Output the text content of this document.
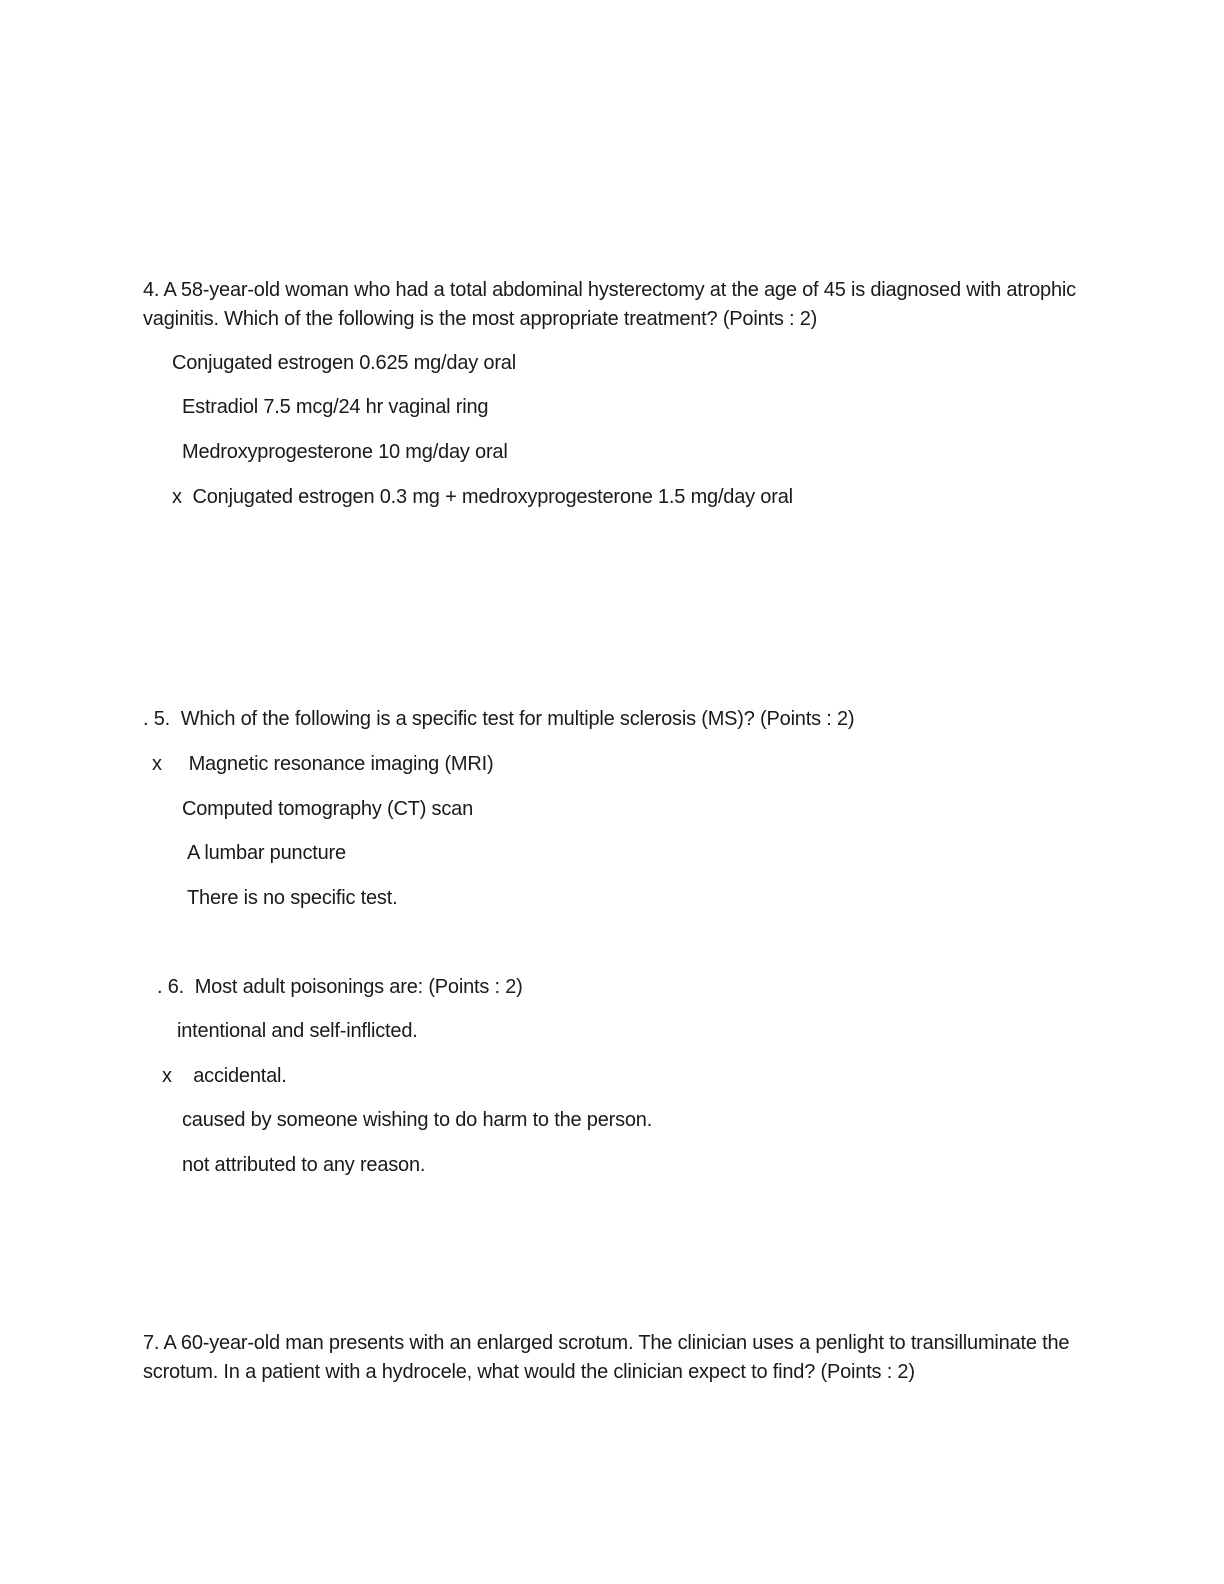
4. A 58-year-old woman who had a total abdominal hysterectomy at the age of 45 is diagnosed with atrophic vaginitis. Which of the following is the most appropriate treatment? (Points : 2)
Conjugated estrogen 0.625 mg/day oral
Estradiol 7.5 mcg/24 hr vaginal ring
Medroxyprogesterone 10 mg/day oral
x  Conjugated estrogen 0.3 mg + medroxyprogesterone 1.5 mg/day oral
. 5.  Which of the following is a specific test for multiple sclerosis (MS)? (Points : 2)
x     Magnetic resonance imaging (MRI)
Computed tomography (CT) scan
A lumbar puncture
There is no specific test.
. 6.  Most adult poisonings are: (Points : 2)
intentional and self-inflicted.
x    accidental.
caused by someone wishing to do harm to the person.
not attributed to any reason.
7. A 60-year-old man presents with an enlarged scrotum. The clinician uses a penlight to transilluminate the scrotum. In a patient with a hydrocele, what would the clinician expect to find? (Points : 2)
